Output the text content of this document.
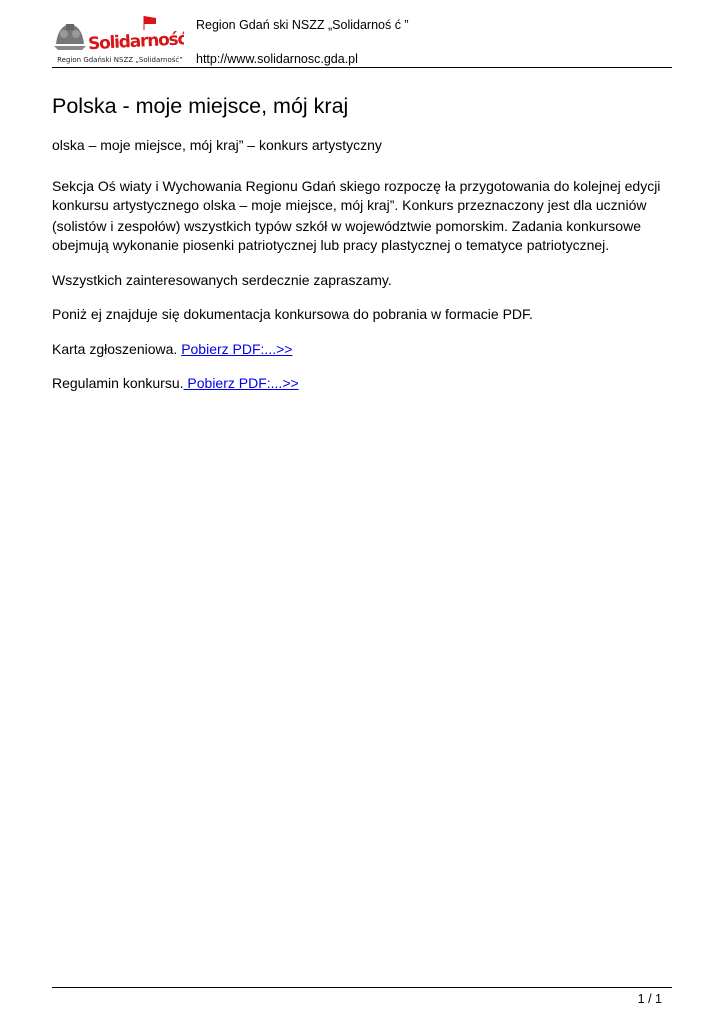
Solidarność
Region Gdański NSZZ „Solidarność”
Region Gdań ski NSZZ „Solidarnoś ć ”
http://www.solidarnosc.gda.pl
Polska - moje miejsce, mój kraj

olska – moje miejsce, mój kraj” – konkurs artystyczny

Sekcja Oś wiaty i Wychowania Regionu Gdań skiego rozpoczę ła przygotowania do kolejnej edycji konkursu artystycznego olska – moje miejsce, mój kraj”. Konkurs przeznaczony jest dla uczniów (solistów i zespołów) wszystkich typów szkół w województwie pomorskim. Zadania konkursowe obejmują wykonanie piosenki patriotycznej lub pracy plastycznej o tematyce patriotycznej.

Wszystkich zainteresowanych serdecznie zapraszamy.

Poniż ej znajduje się dokumentacja konkursowa do pobrania w formacie PDF.

Karta zgłoszeniowa. Pobierz PDF:...>>

Regulamin konkursu. Pobierz PDF:...>>

1 / 1
